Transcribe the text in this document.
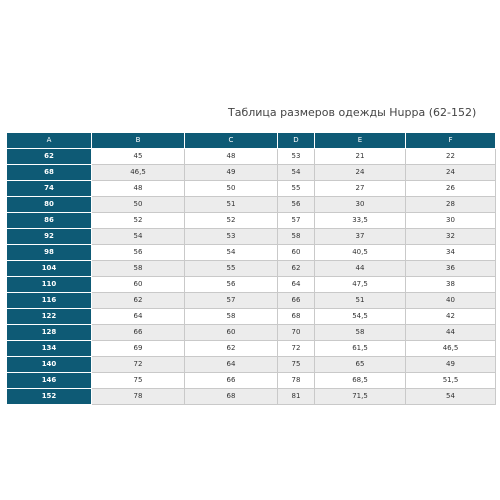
Таблица размеров одежды Huppa (62-152)
A	B	C	D	E	F
62	45	48	53	21	22
68	46,5	49	54	24	24
74	48	50	55	27	26
80	50	51	56	30	28
86	52	52	57	33,5	30
92	54	53	58	37	32
98	56	54	60	40,5	34
104	58	55	62	44	36
110	60	56	64	47,5	38
116	62	57	66	51	40
122	64	58	68	54,5	42
128	66	60	70	58	44
134	69	62	72	61,5	46,5
140	72	64	75	65	49
146	75	66	78	68,5	51,5
152	78	68	81	71,5	54
